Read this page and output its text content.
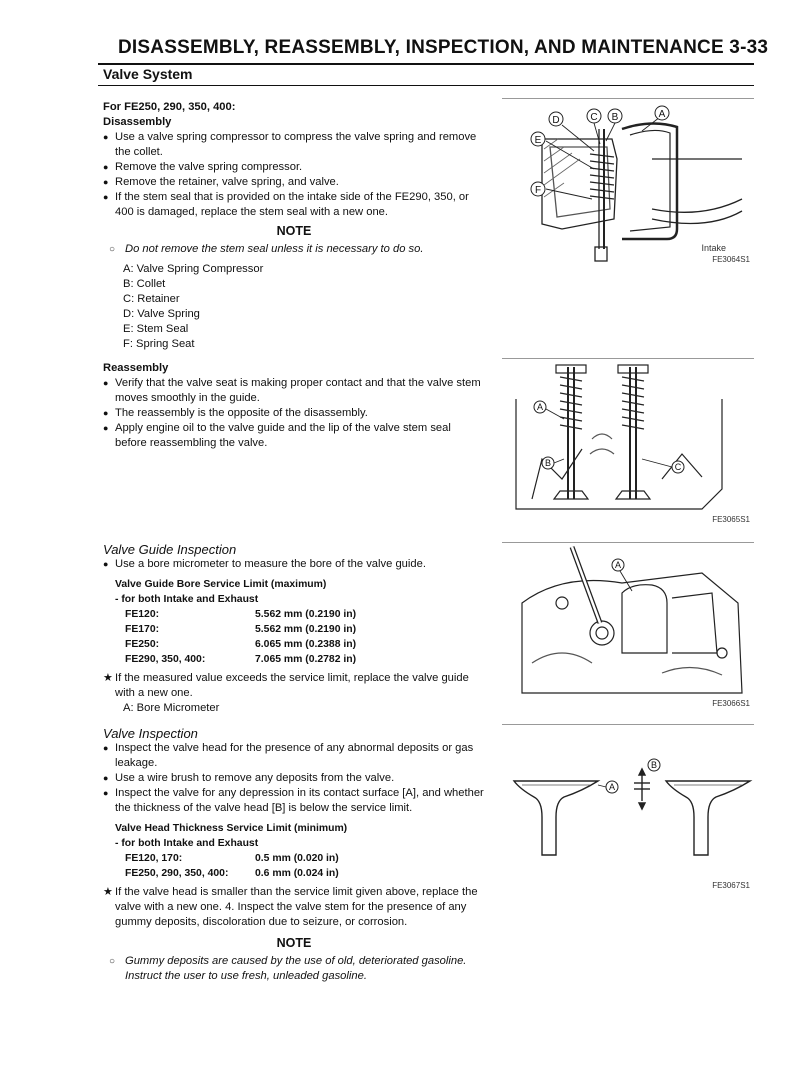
DISASSEMBLY, REASSEMBLY, INSPECTION, AND MAINTENANCE 3-33
Valve System
For FE250, 290, 350, 400:
Disassembly
● Use a valve spring compressor to compress the valve spring and remove the collet.
● Remove the valve spring compressor.
● Remove the retainer, valve spring, and valve.
● If the stem seal that is provided on the intake side of the FE290, 350, or 400 is damaged, replace the stem seal with a new one.
NOTE
○ Do not remove the stem seal unless it is necessary to do so.
A: Valve Spring Compressor
B: Collet
C: Retainer
D: Valve Spring
E: Stem Seal
F: Spring Seat
Reassembly
● Verify that the valve seat is making proper contact and that the valve stem moves smoothly in the guide.
● The reassembly is the opposite of the disassembly.
● Apply engine oil to the valve guide and the lip of the valve stem seal before reassembling the valve.
Valve Guide Inspection
● Use a bore micrometer to measure the bore of the valve guide.
Valve Guide Bore Service Limit (maximum)
- for both Intake and Exhaust
FE120:	5.562 mm (0.2190 in)
FE170:	5.562 mm (0.2190 in)
FE250:	6.065 mm (0.2388 in)
FE290, 350, 400:	7.065 mm (0.2782 in)
★ If the measured value exceeds the service limit, replace the valve guide with a new one.
A: Bore Micrometer
Valve Inspection
● Inspect the valve head for the presence of any abnormal deposits or gas leakage.
● Use a wire brush to remove any deposits from the valve.
● Inspect the valve for any depression in its contact surface [A], and whether the thickness of the valve head [B] is below the service limit.
Valve Head Thickness Service Limit (minimum)
- for both Intake and Exhaust
FE120, 170:	0.5 mm (0.020 in)
FE250, 290, 350, 400:	0.6 mm (0.024 in)
★ If the valve head is smaller than the service limit given above, replace the valve with a new one. 4. Inspect the valve stem for the presence of any gummy deposits, discoloration due to seizure, or corrosion.
NOTE
○ Gummy deposits are caused by the use of old, deteriorated gasoline. Instruct the user to use fresh, unleaded gasoline.
D	C B	A
E
F
Intake
FE3064S1
A
B	C
FE3065S1
A
FE3066S1
A
B
FE3067S1
